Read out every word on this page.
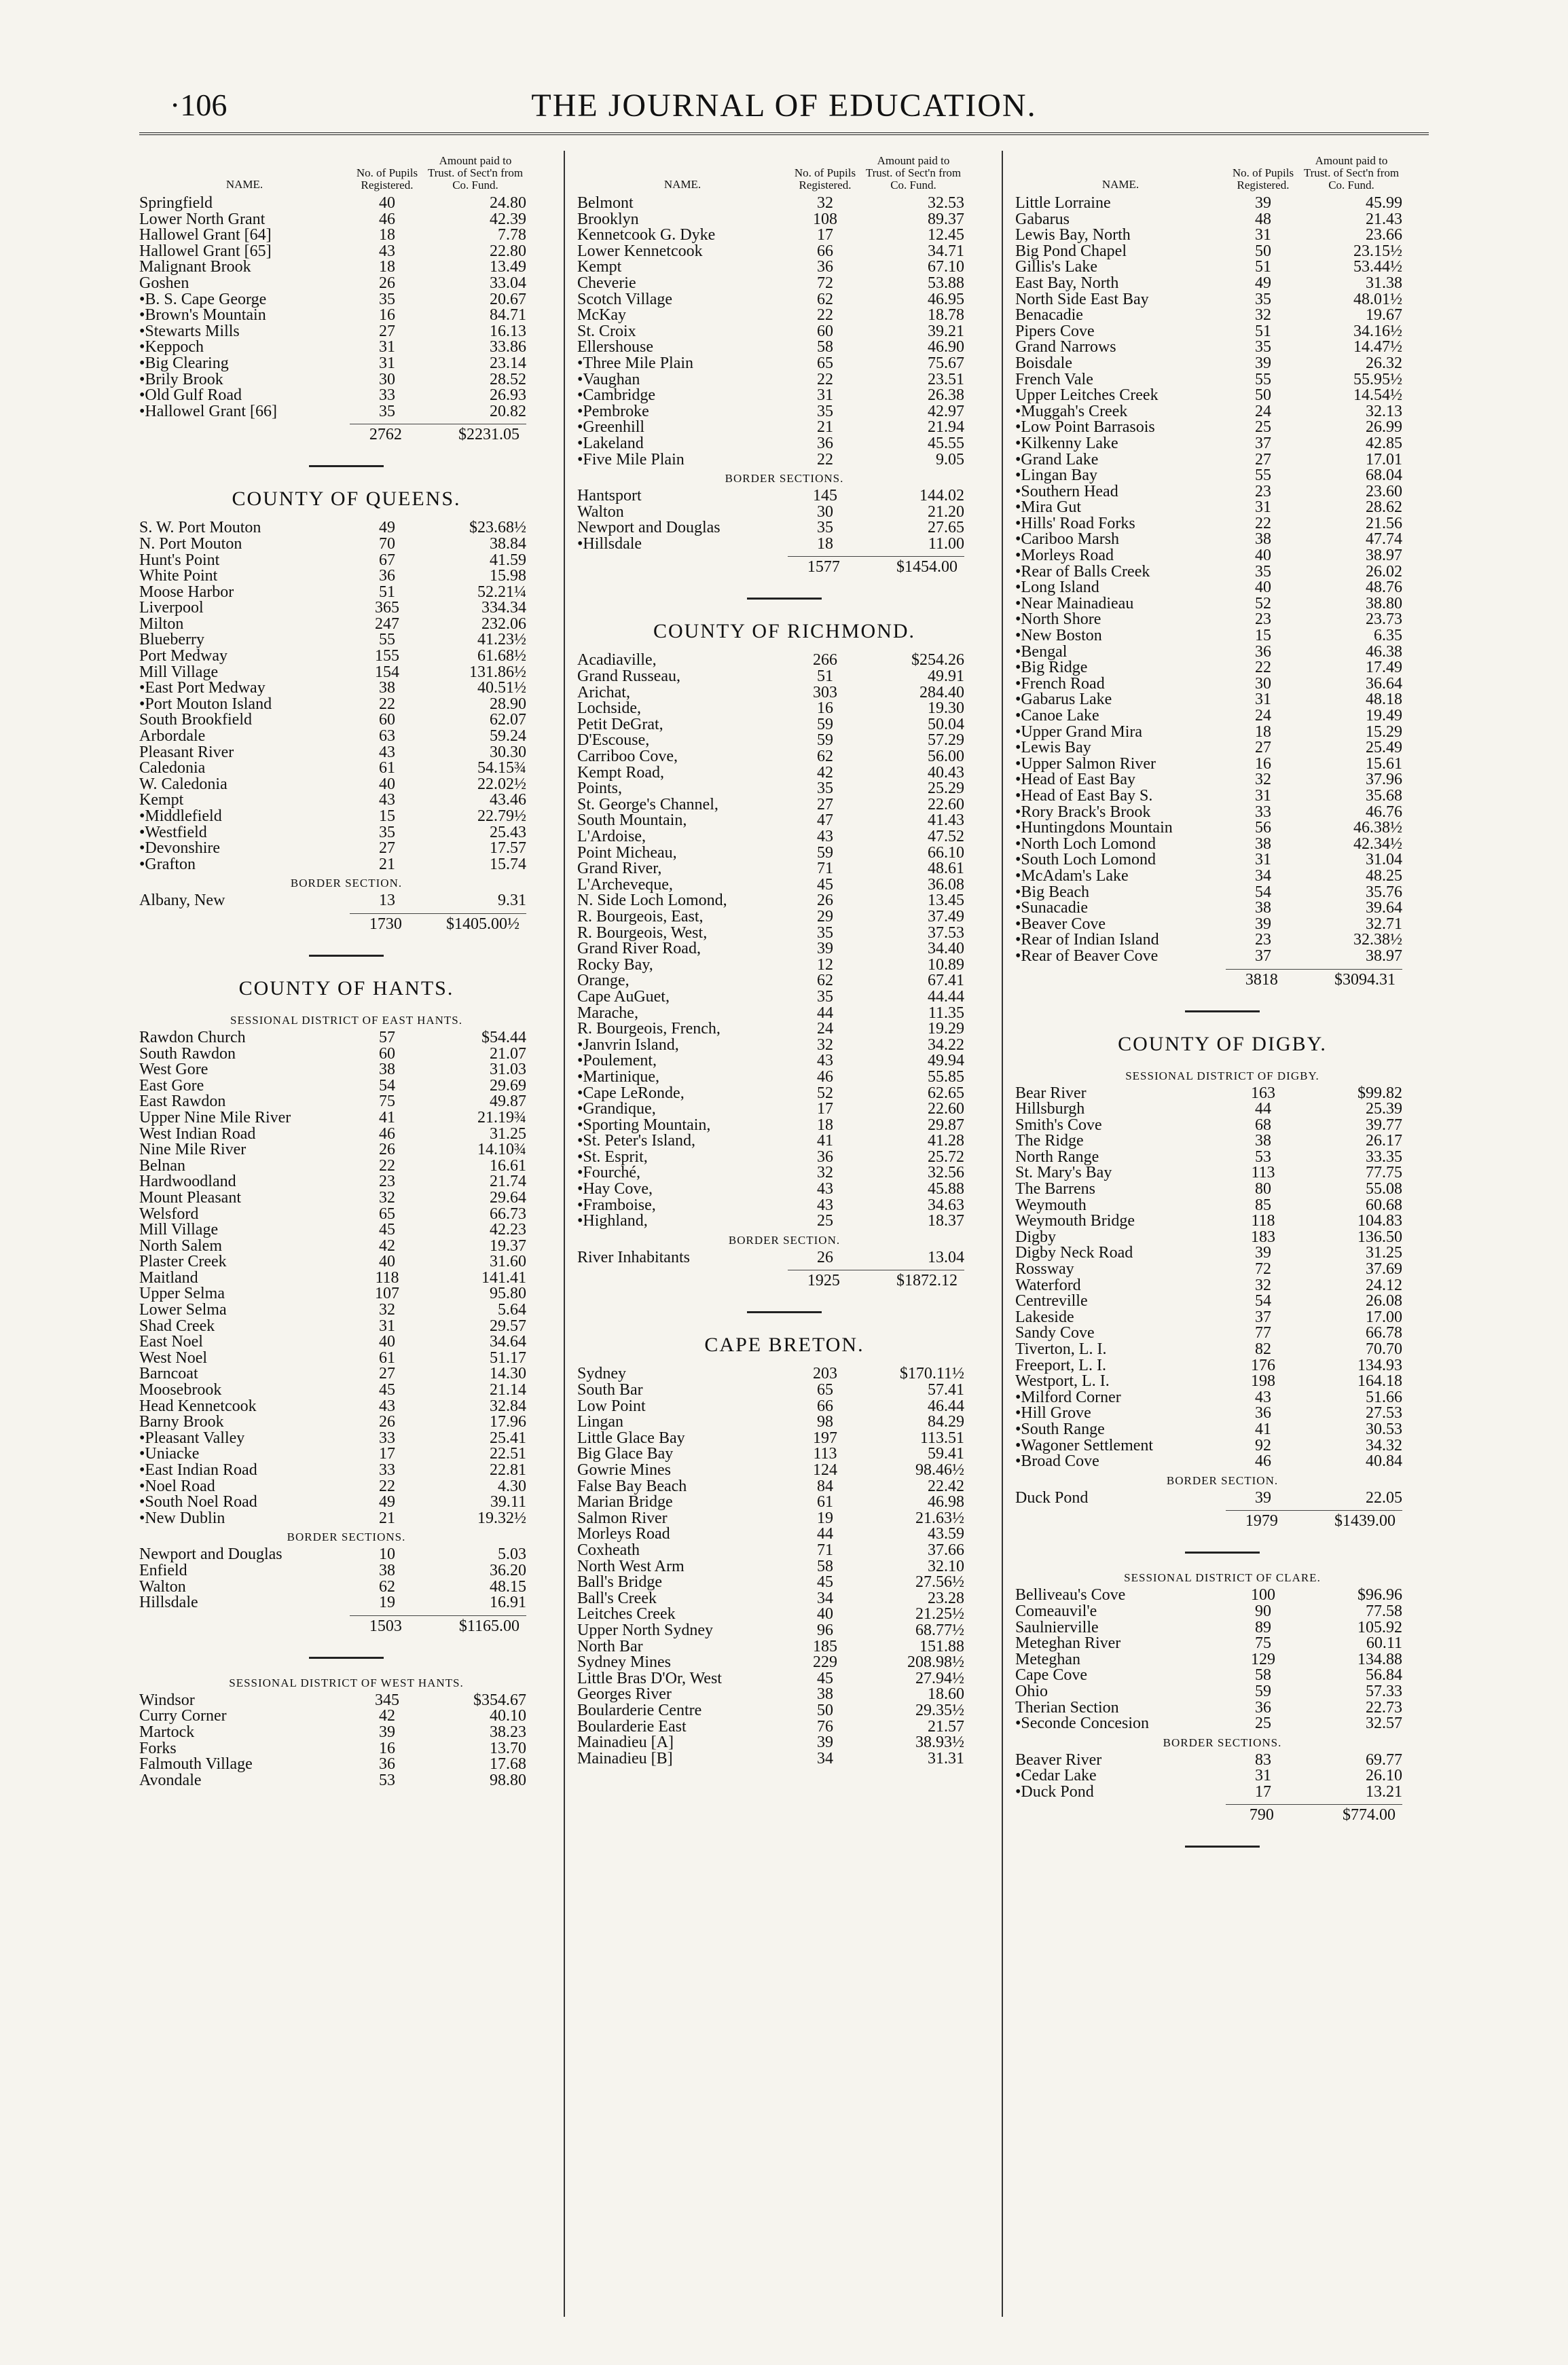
·106	THE JOURNAL OF EDUCATION.
NAME.
No. of Pupils Registered.
Amount paid to Trust. of Sect'n from Co. Fund.
Springfield	40	24.80
Lower North Grant	46	42.39
Hallowel Grant [64]	18	7.78
Hallowel Grant [65]	43	22.80
Malignant Brook	18	13.49
Goshen	26	33.04
•B. S. Cape George	35	20.67
•Brown's Mountain	16	84.71
•Stewarts Mills	27	16.13
•Keppoch	31	33.86
•Big Clearing	31	23.14
•Brily Brook	30	28.52
•Old Gulf Road	33	26.93
•Hallowel Grant [66]	35	20.82
2762	$2231.05
COUNTY OF QUEENS.
S. W. Port Mouton	49	$23.68½
N. Port Mouton	70	38.84
Hunt's Point	67	41.59
White Point	36	15.98
Moose Harbor	51	52.21¼
Liverpool	365	334.34
Milton	247	232.06
Blueberry	55	41.23½
Port Medway	155	61.68½
Mill Village	154	131.86½
•East Port Medway	38	40.51½
•Port Mouton Island	22	28.90
South Brookfield	60	62.07
Arbordale	63	59.24
Pleasant River	43	30.30
Caledonia	61	54.15¾
W. Caledonia	40	22.02½
Kempt	43	43.46
•Middlefield	15	22.79½
•Westfield	35	25.43
•Devonshire	27	17.57
•Grafton	21	15.74
BORDER SECTION.
Albany, New	13	9.31
1730	$1405.00½
COUNTY OF HANTS.
SESSIONAL DISTRICT OF EAST HANTS.
Rawdon Church	57	$54.44
South Rawdon	60	21.07
West Gore	38	31.03
East Gore	54	29.69
East Rawdon	75	49.87
Upper Nine Mile River	41	21.19¾
West Indian Road	46	31.25
Nine Mile River	26	14.10¾
Belnan	22	16.61
Hardwoodland	23	21.74
Mount Pleasant	32	29.64
Welsford	65	66.73
Mill Village	45	42.23
North Salem	42	19.37
Plaster Creek	40	31.60
Maitland	118	141.41
Upper Selma	107	95.80
Lower Selma	32	5.64
Shad Creek	31	29.57
East Noel	40	34.64
West Noel	61	51.17
Barncoat	27	14.30
Moosebrook	45	21.14
Head Kennetcook	43	32.84
Barny Brook	26	17.96
•Pleasant Valley	33	25.41
•Uniacke	17	22.51
•East Indian Road	33	22.81
•Noel Road	22	4.30
•South Noel Road	49	39.11
•New Dublin	21	19.32½
BORDER SECTIONS.
Newport and Douglas	10	5.03
Enfield	38	36.20
Walton	62	48.15
Hillsdale	19	16.91
1503	$1165.00
SESSIONAL DISTRICT OF WEST HANTS.
Windsor	345	$354.67
Curry Corner	42	40.10
Martock	39	38.23
Forks	16	13.70
Falmouth Village	36	17.68
Avondale	53	98.80
NAME.
No. of Pupils Registered.
Amount paid to Trust. of Sect'n from Co. Fund.
Belmont	32	32.53
Brooklyn	108	89.37
Kennetcook G. Dyke	17	12.45
Lower Kennetcook	66	34.71
Kempt	36	67.10
Cheverie	72	53.88
Scotch Village	62	46.95
McKay	22	18.78
St. Croix	60	39.21
Ellershouse	58	46.90
•Three Mile Plain	65	75.67
•Vaughan	22	23.51
•Cambridge	31	26.38
•Pembroke	35	42.97
•Greenhill	21	21.94
•Lakeland	36	45.55
•Five Mile Plain	22	9.05
BORDER SECTIONS.
Hantsport	145	144.02
Walton	30	21.20
Newport and Douglas	35	27.65
•Hillsdale	18	11.00
1577	$1454.00
COUNTY OF RICHMOND.
Acadiaville,	266	$254.26
Grand Russeau,	51	49.91
Arichat,	303	284.40
Lochside,	16	19.30
Petit DeGrat,	59	50.04
D'Escouse,	59	57.29
Carriboo Cove,	62	56.00
Kempt Road,	42	40.43
Points,	35	25.29
St. George's Channel,	27	22.60
South Mountain,	47	41.43
L'Ardoise,	43	47.52
Point Micheau,	59	66.10
Grand River,	71	48.61
L'Archeveque,	45	36.08
N. Side Loch Lomond,	26	13.45
R. Bourgeois, East,	29	37.49
R. Bourgeois, West,	35	37.53
Grand River Road,	39	34.40
Rocky Bay,	12	10.89
Orange,	62	67.41
Cape AuGuet,	35	44.44
Marache,	44	11.35
R. Bourgeois, French,	24	19.29
•Janvrin Island,	32	34.22
•Poulement,	43	49.94
•Martinique,	46	55.85
•Cape LeRonde,	52	62.65
•Grandique,	17	22.60
•Sporting Mountain,	18	29.87
•St. Peter's Island,	41	41.28
•St. Esprit,	36	25.72
•Fourché,	32	32.56
•Hay Cove,	43	45.88
•Framboise,	43	34.63
•Highland,	25	18.37
BORDER SECTION.
River Inhabitants	26	13.04
1925	$1872.12
CAPE BRETON.
Sydney	203	$170.11½
South Bar	65	57.41
Low Point	66	46.44
Lingan	98	84.29
Little Glace Bay	197	113.51
Big Glace Bay	113	59.41
Gowrie Mines	124	98.46½
False Bay Beach	84	22.42
Marian Bridge	61	46.98
Salmon River	19	21.63½
Morleys Road	44	43.59
Coxheath	71	37.66
North West Arm	58	32.10
Ball's Bridge	45	27.56½
Ball's Creek	34	23.28
Leitches Creek	40	21.25½
Upper North Sydney	96	68.77½
North Bar	185	151.88
Sydney Mines	229	208.98½
Little Bras D'Or, West	45	27.94½
Georges River	38	18.60
Boularderie Centre	50	29.35½
Boularderie East	76	21.57
Mainadieu [A]	39	38.93½
Mainadieu [B]	34	31.31
NAME.
No. of Pupils Registered.
Amount paid to Trust. of Sect'n from Co. Fund.
Little Lorraine	39	45.99
Gabarus	48	21.43
Lewis Bay, North	31	23.66
Big Pond Chapel	50	23.15½
Gillis's Lake	51	53.44½
East Bay, North	49	31.38
North Side East Bay	35	48.01½
Benacadie	32	19.67
Pipers Cove	51	34.16½
Grand Narrows	35	14.47½
Boisdale	39	26.32
French Vale	55	55.95½
Upper Leitches Creek	50	14.54½
•Muggah's Creek	24	32.13
•Low Point Barrasois	25	26.99
•Kilkenny Lake	37	42.85
•Grand Lake	27	17.01
•Lingan Bay	55	68.04
•Southern Head	23	23.60
•Mira Gut	31	28.62
•Hills' Road Forks	22	21.56
•Cariboo Marsh	38	47.74
•Morleys Road	40	38.97
•Rear of Balls Creek	35	26.02
•Long Island	40	48.76
•Near Mainadieau	52	38.80
•North Shore	23	23.73
•New Boston	15	6.35
•Bengal	36	46.38
•Big Ridge	22	17.49
•French Road	30	36.64
•Gabarus Lake	31	48.18
•Canoe Lake	24	19.49
•Upper Grand Mira	18	15.29
•Lewis Bay	27	25.49
•Upper Salmon River	16	15.61
•Head of East Bay	32	37.96
•Head of East Bay S.	31	35.68
•Rory Brack's Brook	33	46.76
•Huntingdons Mountain	56	46.38½
•North Loch Lomond	38	42.34½
•South Loch Lomond	31	31.04
•McAdam's Lake	34	48.25
•Big Beach	54	35.76
•Sunacadie	38	39.64
•Beaver Cove	39	32.71
•Rear of Indian Island	23	32.38½
•Rear of Beaver Cove	37	38.97
3818	$3094.31
COUNTY OF DIGBY.
SESSIONAL DISTRICT OF DIGBY.
Bear River	163	$99.82
Hillsburgh	44	25.39
Smith's Cove	68	39.77
The Ridge	38	26.17
North Range	53	33.35
St. Mary's Bay	113	77.75
The Barrens	80	55.08
Weymouth	85	60.68
Weymouth Bridge	118	104.83
Digby	183	136.50
Digby Neck Road	39	31.25
Rossway	72	37.69
Waterford	32	24.12
Centreville	54	26.08
Lakeside	37	17.00
Sandy Cove	77	66.78
Tiverton, L. I.	82	70.70
Freeport, L. I.	176	134.93
Westport, L. I.	198	164.18
•Milford Corner	43	51.66
•Hill Grove	36	27.53
•South Range	41	30.53
•Wagoner Settlement	92	34.32
•Broad Cove	46	40.84
BORDER SECTION.
Duck Pond	39	22.05
1979	$1439.00
SESSIONAL DISTRICT OF CLARE.
Belliveau's Cove	100	$96.96
Comeauvil'e	90	77.58
Saulnierville	89	105.92
Meteghan River	75	60.11
Meteghan	129	134.88
Cape Cove	58	56.84
Ohio	59	57.33
Therian Section	36	22.73
•Seconde Concesion	25	32.57
BORDER SECTIONS.
Beaver River	83	69.77
•Cedar Lake	31	26.10
•Duck Pond	17	13.21
790	$774.00
